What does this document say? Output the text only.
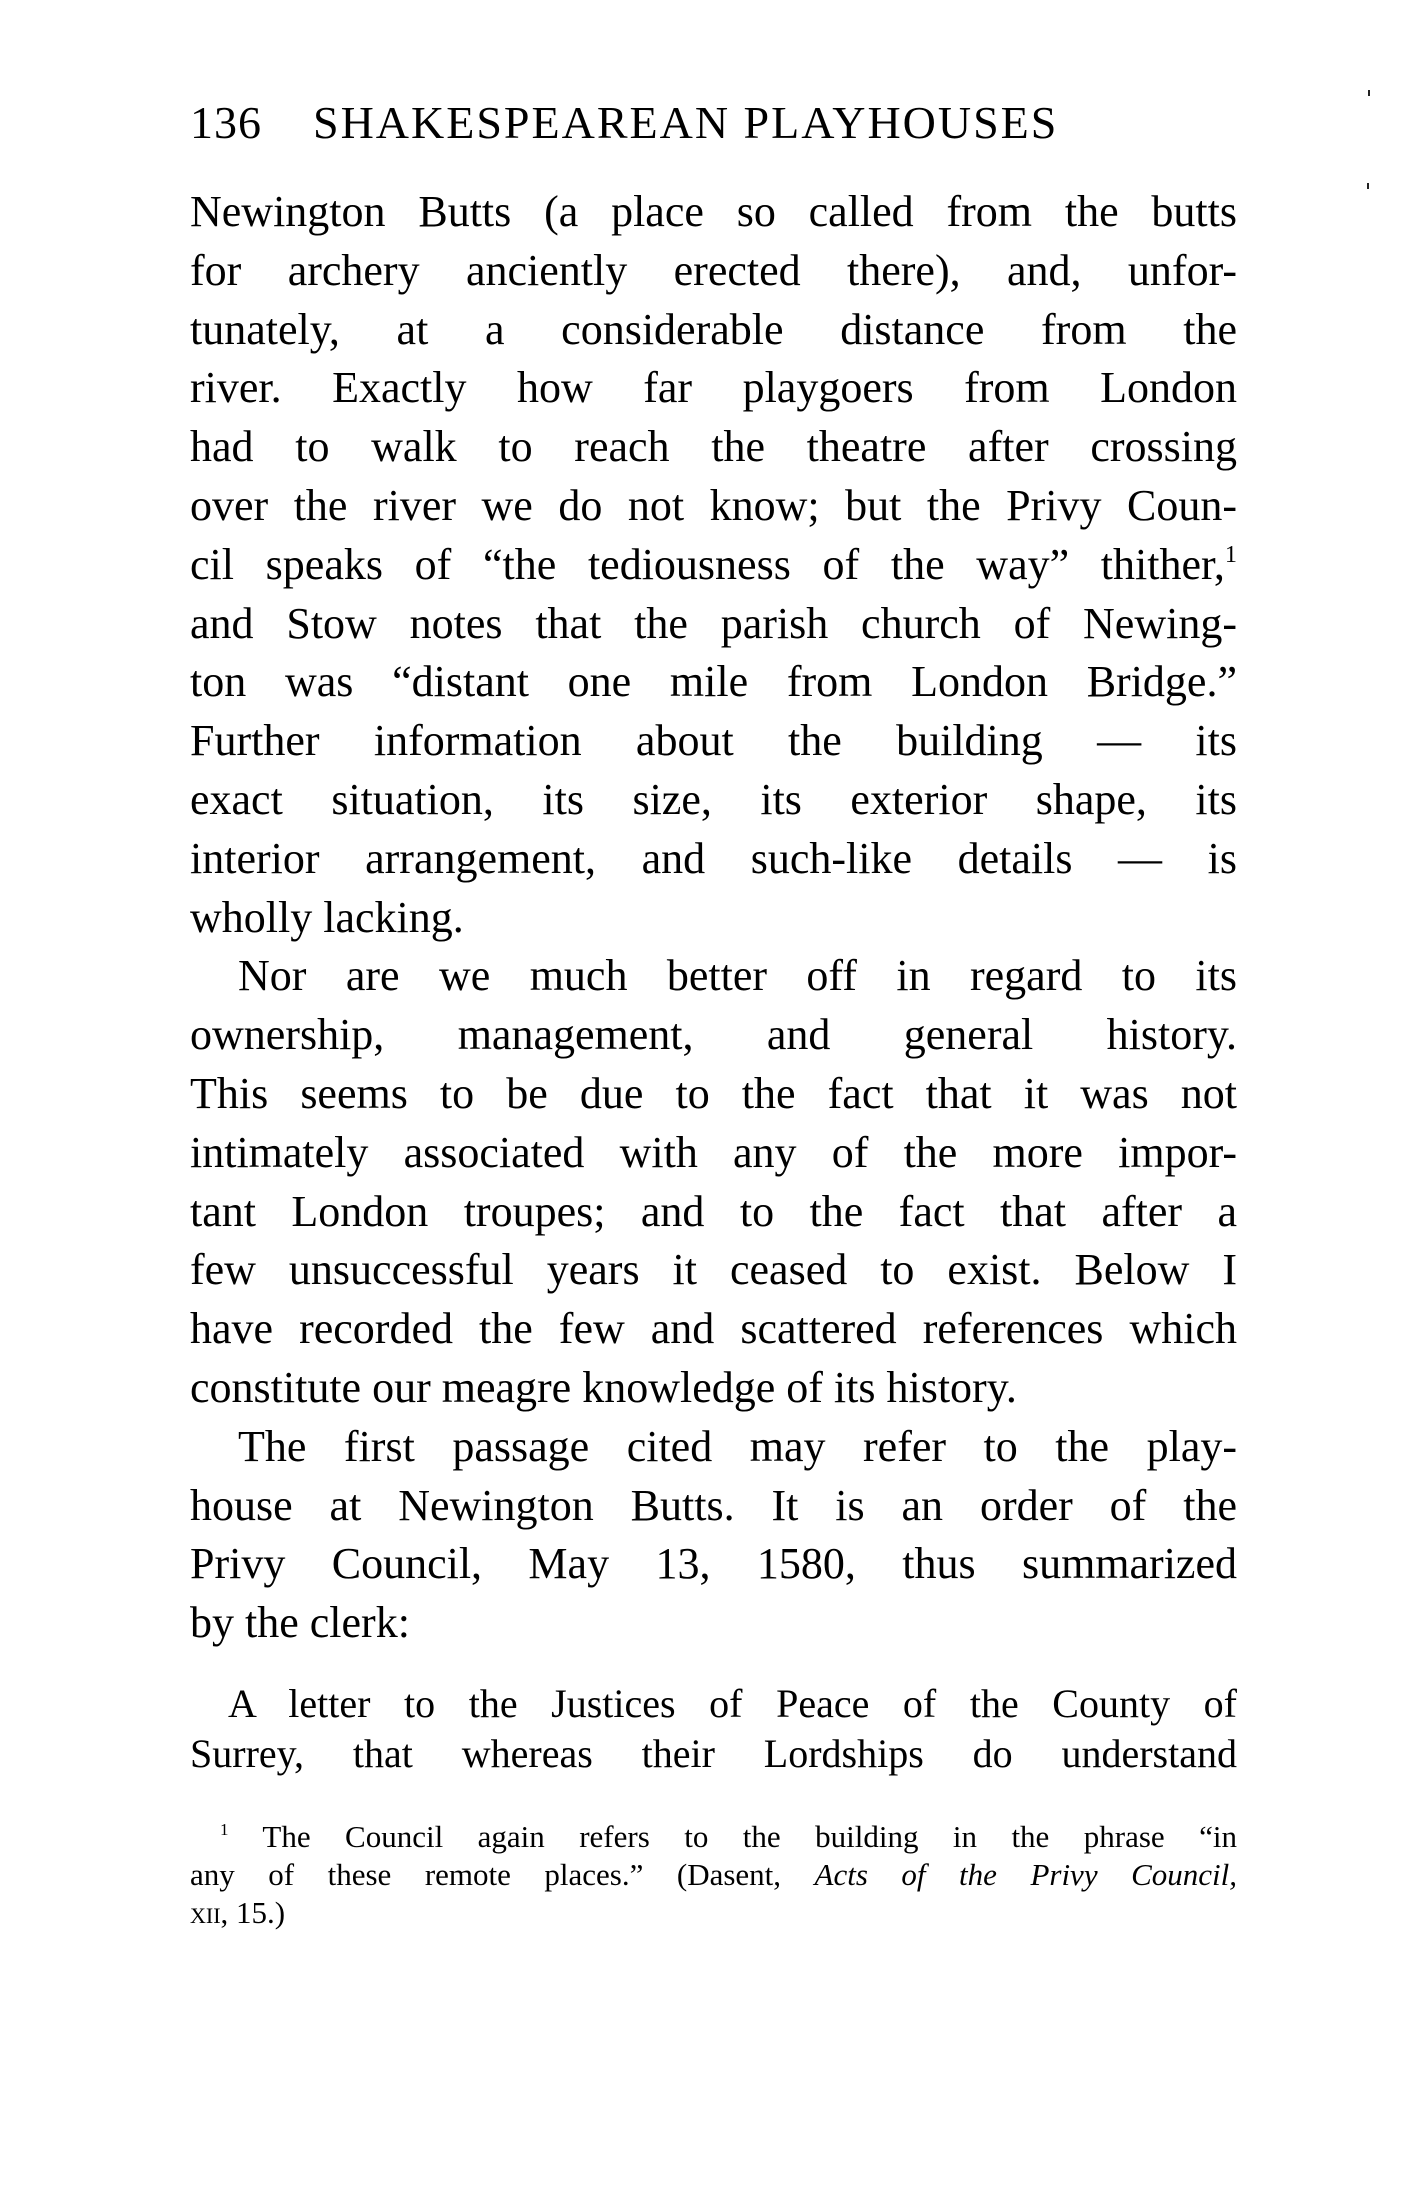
136 SHAKESPEAREAN PLAYHOUSES
Newington Butts (a place so called from the butts
for archery anciently erected there), and, unfor-
tunately, at a considerable distance from the
river. Exactly how far playgoers from London
had to walk to reach the theatre after crossing
over the river we do not know; but the Privy Coun-
cil speaks of “the tediousness of the way” thither,$^1$
and Stow notes that the parish church of Newing-
ton was “distant one mile from London Bridge.”
Further information about the building — its
exact situation, its size, its exterior shape, its
interior arrangement, and such-like details — is
wholly lacking.
Nor are we much better off in regard to its
ownership, management, and general history.
This seems to be due to the fact that it was not
intimately associated with any of the more impor-
tant London troupes; and to the fact that after a
few unsuccessful years it ceased to exist. Below I
have recorded the few and scattered references which
constitute our meagre knowledge of its history.
The first passage cited may refer to the play-
house at Newington Butts. It is an order of the
Privy Council, May 13, 1580, thus summarized
by the clerk:
A letter to the Justices of Peace of the County of
Surrey, that whereas their Lordships do understand
$^1$ The Council again refers to the building in the phrase “in
any of these remote places.” (Dasent, Acts of the Privy Council,
xii, 15.)
